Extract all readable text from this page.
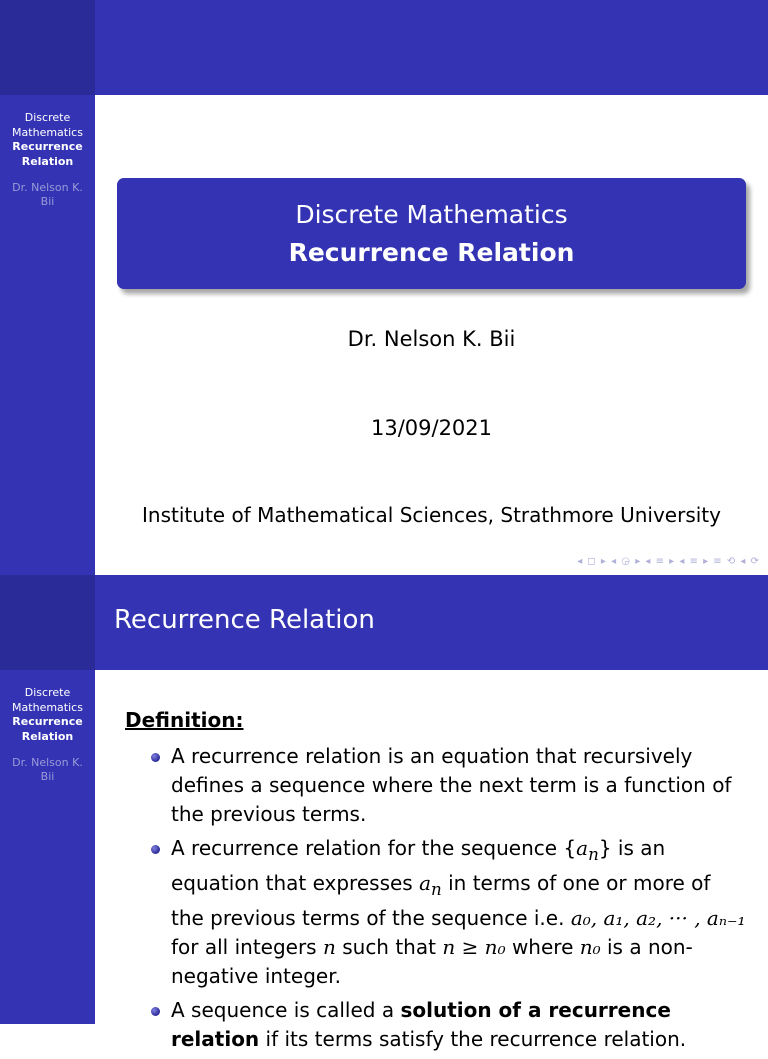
Discrete
Mathematics
Recurrence
Relation
Dr. Nelson K.
Bii	Discrete Mathematics
Recurrence Relation
Dr. Nelson K. Bii
13/09/2021
Institute of Mathematical Sciences, Strathmore University
◂ ◻ ▸ ◂ ◶ ▸ ◂ ≡ ▸ ◂ ≡ ▸ ≡ ⟲ ◂ ⟳
Recurrence Relation
Discrete
Mathematics
Recurrence
Relation
Dr. Nelson K.
Bii
Definition:
A recurrence relation is an equation that recursively defines a sequence where the next term is a function of the previous terms.
A recurrence relation for the sequence $\{a_n\}$ is an equation that expresses $a_n$ in terms of one or more of the previous terms of the sequence i.e. a₀, a₁, a₂, ··· , aₙ₋₁ for all integers n such that n ≥ n₀ where n₀ is a non-negative integer.
A sequence is called a solution of a recurrence relation if its terms satisfy the recurrence relation.
